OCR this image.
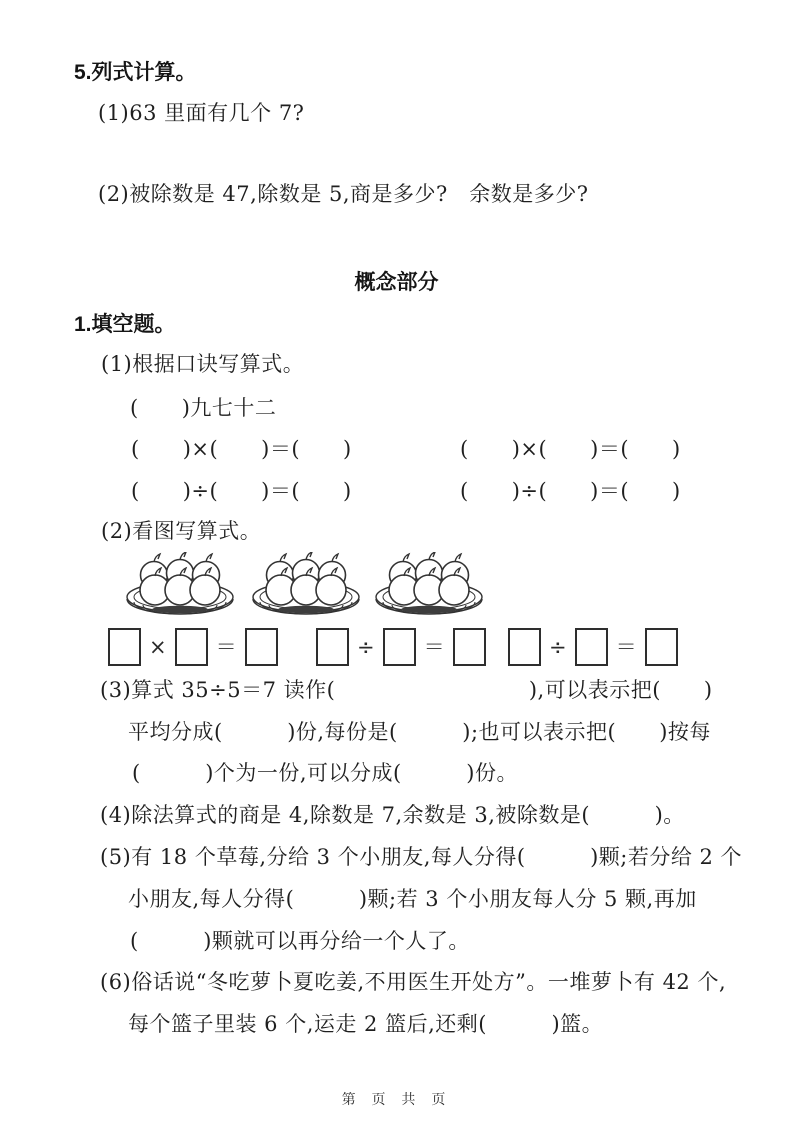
5.列式计算。
(1)63 里面有几个 7?
(2)被除数是 47,除数是 5,商是多少?　余数是多少?
概念部分
1.填空题。
(1)根据口诀写算式。
(　　)九七十二
(　　)×(　　)＝(　　)	(　　)×(　　)＝(　　)
(　　)÷(　　)＝(　　)	(　　)÷(　　)＝(　　)
(2)看图写算式。
× ＝	÷ ＝	÷ ＝
(3)算式 35÷5＝7 读作(　　　　　　　　　),可以表示把(　　)
平均分成(　　　)份,每份是(　　　);也可以表示把(　　)按每
(　　　)个为一份,可以分成(　　　)份。
(4)除法算式的商是 4,除数是 7,余数是 3,被除数是(　　　)。
(5)有 18 个草莓,分给 3 个小朋友,每人分得(　　　)颗;若分给 2 个
小朋友,每人分得(　　　)颗;若 3 个小朋友每人分 5 颗,再加
(　　　)颗就可以再分给一个人了。
(6)俗话说“冬吃萝卜夏吃姜,不用医生开处方”。一堆萝卜有 42 个,
每个篮子里装 6 个,运走 2 篮后,还剩(　　　)篮。
第 页 共 页
